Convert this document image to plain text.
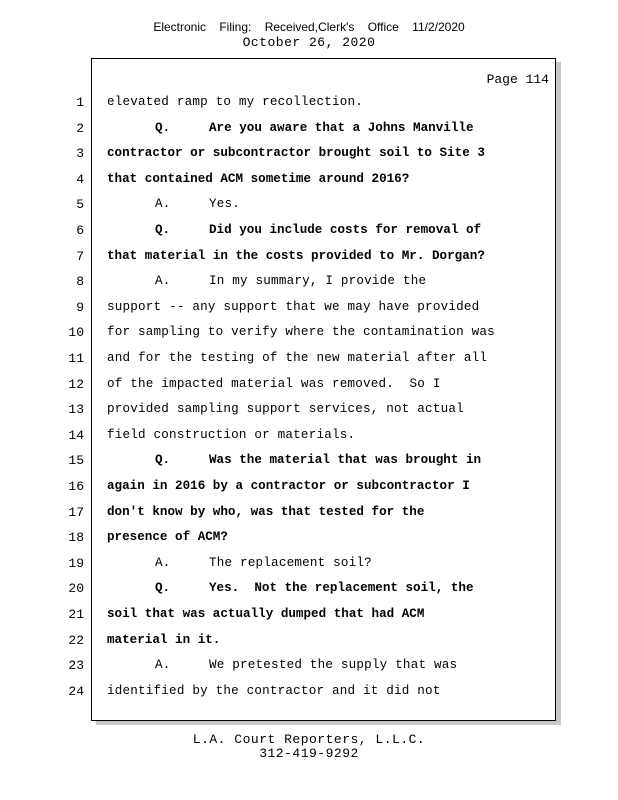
Electronic Filing: Received,Clerk's Office 11/2/2020
October 26, 2020
Page 114
1 elevated ramp to my recollection.
2	Q.	Are you aware that a Johns Manville
3 contractor or subcontractor brought soil to Site 3
4 that contained ACM sometime around 2016?
5	A.	Yes.
6	Q.	Did you include costs for removal of
7 that material in the costs provided to Mr. Dorgan?
8	A.	In my summary, I provide the
9 support -- any support that we may have provided
10 for sampling to verify where the contamination was
11 and for the testing of the new material after all
12 of the impacted material was removed.  So I
13 provided sampling support services, not actual
14 field construction or materials.
15	Q.	Was the material that was brought in
16 again in 2016 by a contractor or subcontractor I
17 don't know by who, was that tested for the
18 presence of ACM?
19	A.	The replacement soil?
20	Q.	Yes.  Not the replacement soil, the
21 soil that was actually dumped that had ACM
22 material in it.
23	A.	We pretested the supply that was
24 identified by the contractor and it did not
L.A. Court Reporters, L.L.C.
312-419-9292
